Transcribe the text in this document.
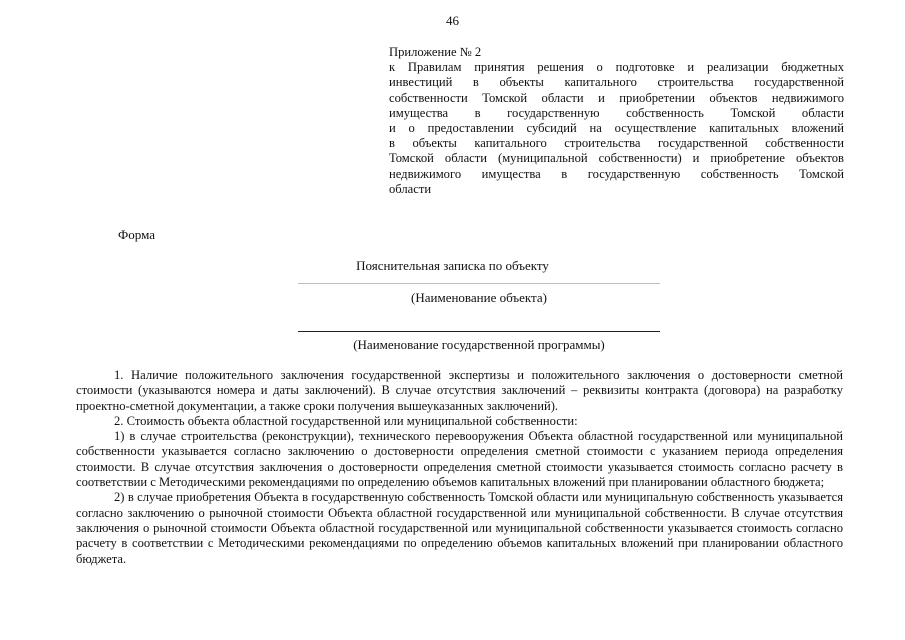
46
Приложение № 2
к Правилам принятия решения о подготовке и реализации бюджетных
инвестиций в объекты капитального строительства государственной
собственности Томской области и приобретении объектов недвижимого
имущества в государственную собственность Томской области
и о предоставлении субсидий на осуществление капитальных вложений
в объекты капитального строительства государственной собственности
Томской области (муниципальной собственности) и приобретение объектов
недвижимого имущества в государственную собственность Томской
области
Форма
Пояснительная записка по объекту
(Наименование объекта)
(Наименование государственной программы)

1. Наличие положительного заключения государственной экспертизы и положительного заключения о достоверности сметной стоимости (указываются номера и даты заключений). В случае отсутствия заключений – реквизиты контракта (договора) на разработку проектно-сметной документации, а также сроки получения вышеуказанных заключений).

2. Стоимость объекта областной государственной или муниципальной собственности:

1) в случае строительства (реконструкции), технического перевооружения Объекта областной государственной или муниципальной собственности указывается согласно заключению о достоверности определения сметной стоимости с указанием периода определения стоимости. В случае отсутствия заключения о достоверности определения сметной стоимости указывается стоимость согласно расчету в соответствии с Методическими рекомендациями по определению объемов капитальных вложений при планировании областного бюджета;

2) в случае приобретения Объекта в государственную собственность Томской области или муниципальную собственность указывается согласно заключению о рыночной стоимости Объекта областной государственной или муниципальной собственности. В случае отсутствия заключения о рыночной стоимости Объекта областной государственной или муниципальной собственности указывается стоимость согласно расчету в соответствии с Методическими рекомендациями по определению объемов капитальных вложений при планировании областного бюджета.
